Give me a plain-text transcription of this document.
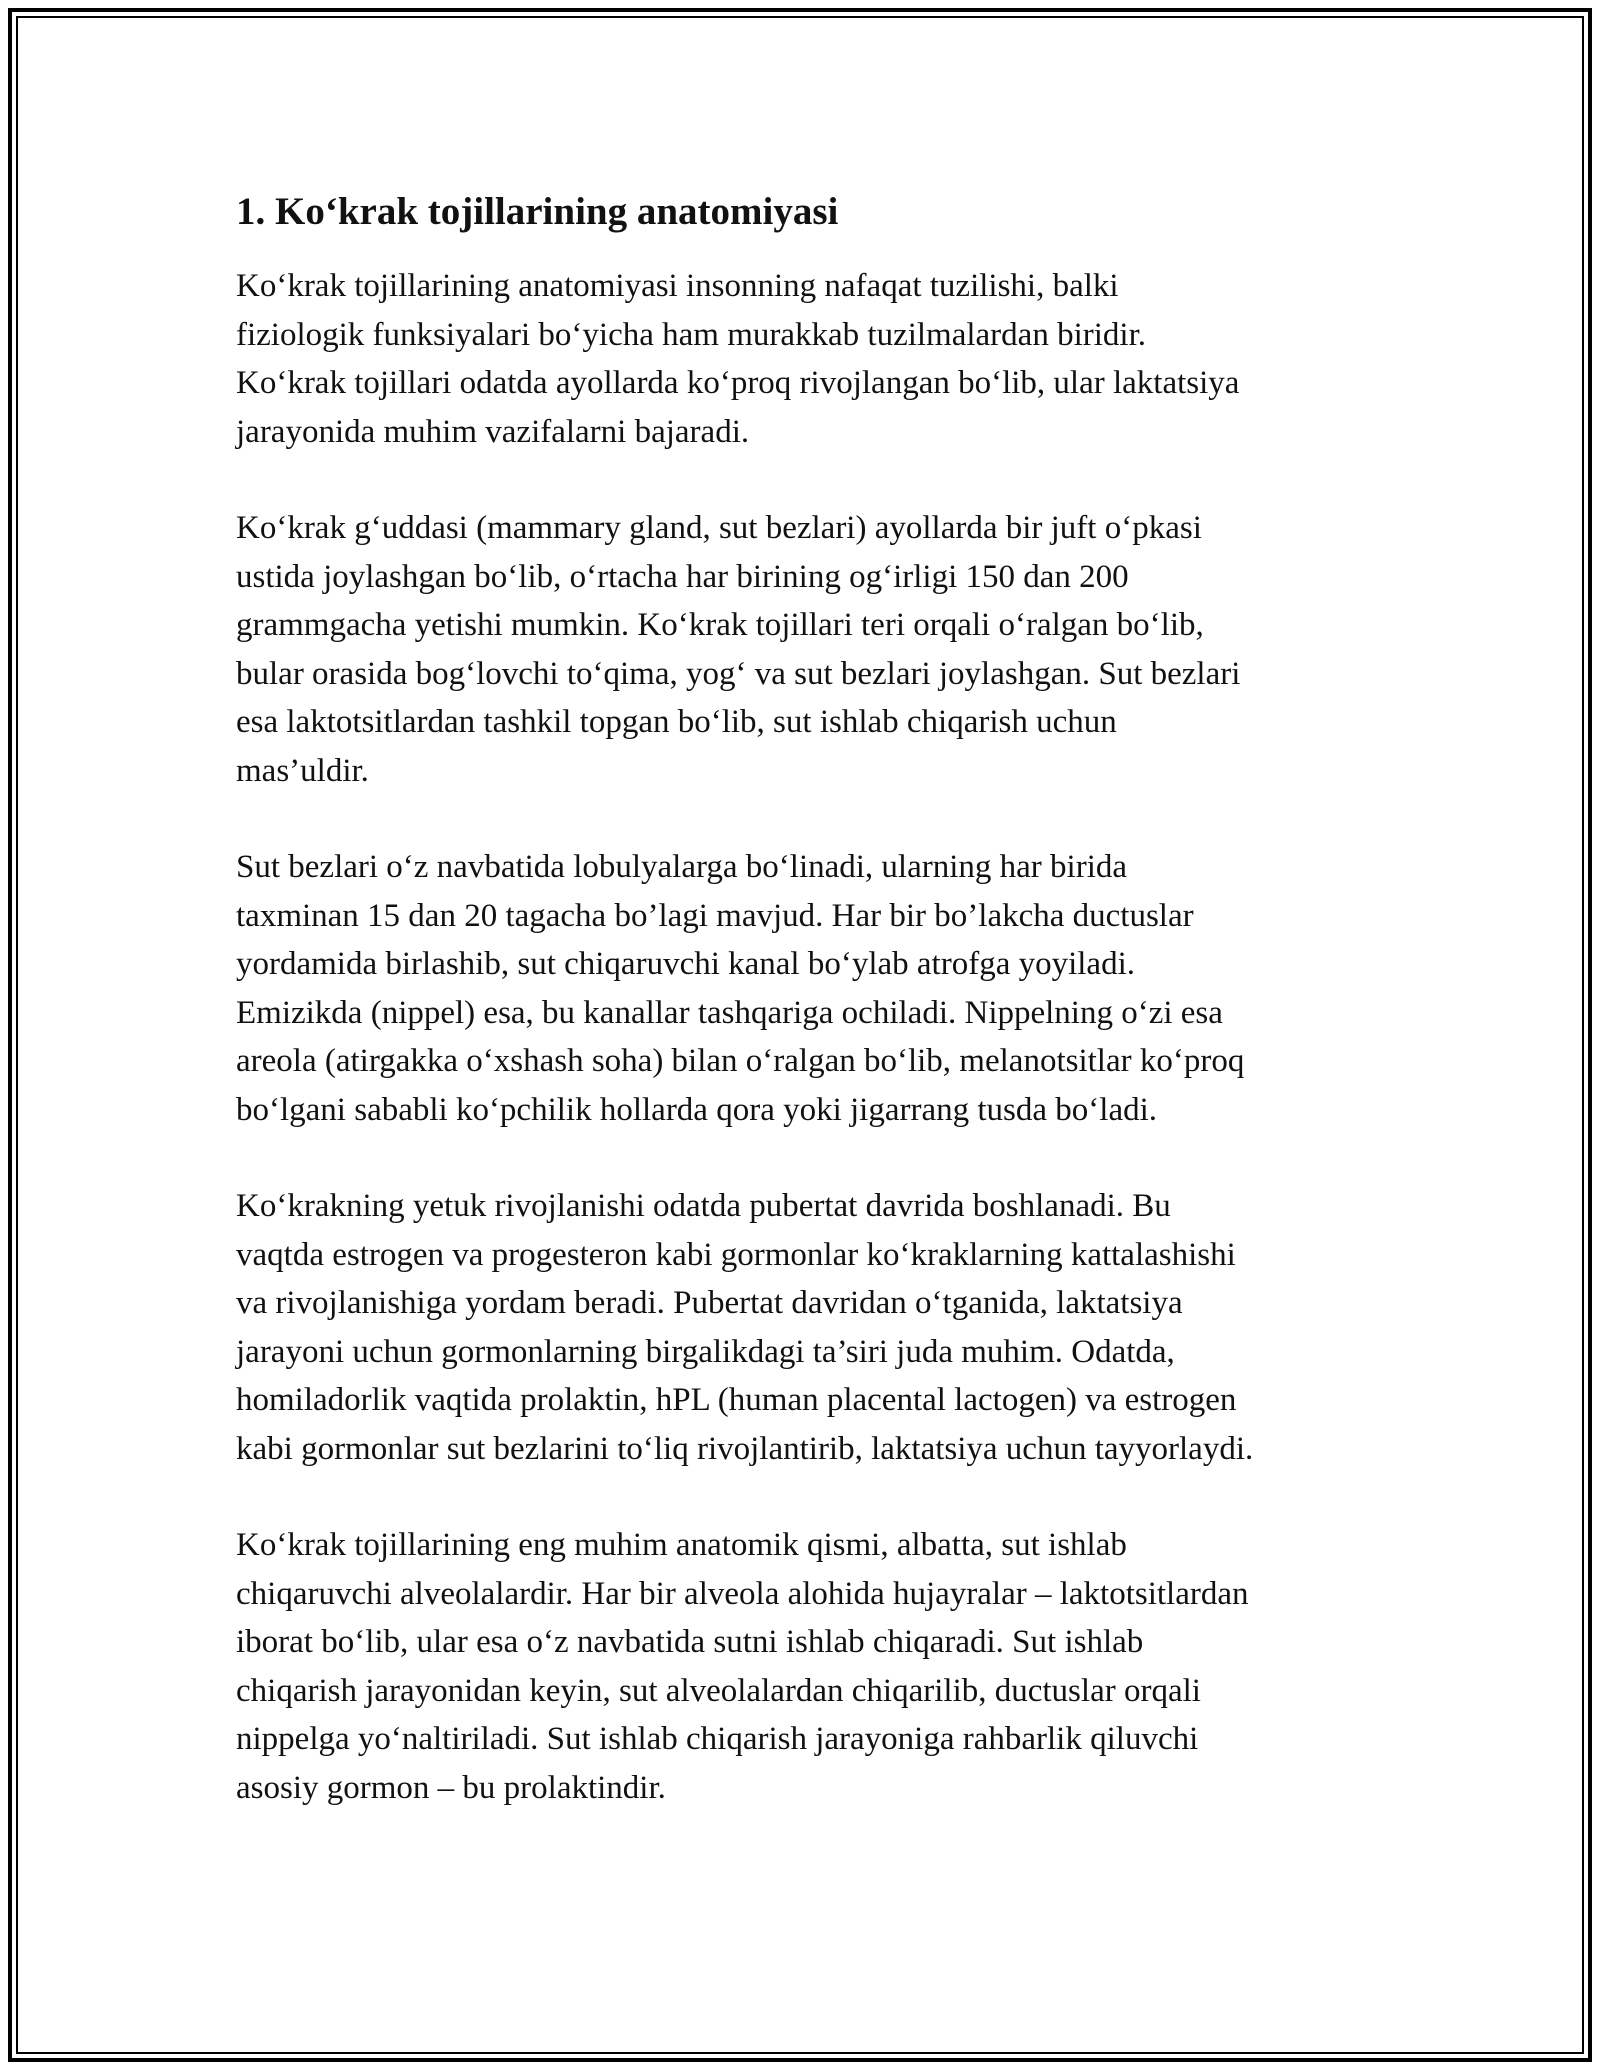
1. Ko‘krak tojillarining anatomiyasi

Ko‘krak tojillarining anatomiyasi insonning nafaqat tuzilishi, balki
fiziologik funksiyalari bo‘yicha ham murakkab tuzilmalardan biridir.
Ko‘krak tojillari odatda ayollarda ko‘proq rivojlangan bo‘lib, ular laktatsiya
jarayonida muhim vazifalarni bajaradi.

Ko‘krak g‘uddasi (mammary gland, sut bezlari) ayollarda bir juft o‘pkasi
ustida joylashgan bo‘lib, o‘rtacha har birining og‘irligi 150 dan 200
grammgacha yetishi mumkin. Ko‘krak tojillari teri orqali o‘ralgan bo‘lib,
bular orasida bog‘lovchi to‘qima, yog‘ va sut bezlari joylashgan. Sut bezlari
esa laktotsitlardan tashkil topgan bo‘lib, sut ishlab chiqarish uchun
mas’uldir.

Sut bezlari o‘z navbatida lobulyalarga bo‘linadi, ularning har birida
taxminan 15 dan 20 tagacha bo’lagi mavjud. Har bir bo’lakcha ductuslar
yordamida birlashib, sut chiqaruvchi kanal bo‘ylab atrofga yoyiladi.
Emizikda (nippel) esa, bu kanallar tashqariga ochiladi. Nippelning o‘zi esa
areola (atirgakka o‘xshash soha) bilan o‘ralgan bo‘lib, melanotsitlar ko‘proq
bo‘lgani sababli ko‘pchilik hollarda qora yoki jigarrang tusda bo‘ladi.

Ko‘krakning yetuk rivojlanishi odatda pubertat davrida boshlanadi. Bu
vaqtda estrogen va progesteron kabi gormonlar ko‘kraklarning kattalashishi
va rivojlanishiga yordam beradi. Pubertat davridan o‘tganida, laktatsiya
jarayoni uchun gormonlarning birgalikdagi ta’siri juda muhim. Odatda,
homiladorlik vaqtida prolaktin, hPL (human placental lactogen) va estrogen
kabi gormonlar sut bezlarini to‘liq rivojlantirib, laktatsiya uchun tayyorlaydi.

Ko‘krak tojillarining eng muhim anatomik qismi, albatta, sut ishlab
chiqaruvchi alveolalardir. Har bir alveola alohida hujayralar – laktotsitlardan
iborat bo‘lib, ular esa o‘z navbatida sutni ishlab chiqaradi. Sut ishlab
chiqarish jarayonidan keyin, sut alveolalardan chiqarilib, ductuslar orqali
nippelga yo‘naltiriladi. Sut ishlab chiqarish jarayoniga rahbarlik qiluvchi
asosiy gormon – bu prolaktindir.
